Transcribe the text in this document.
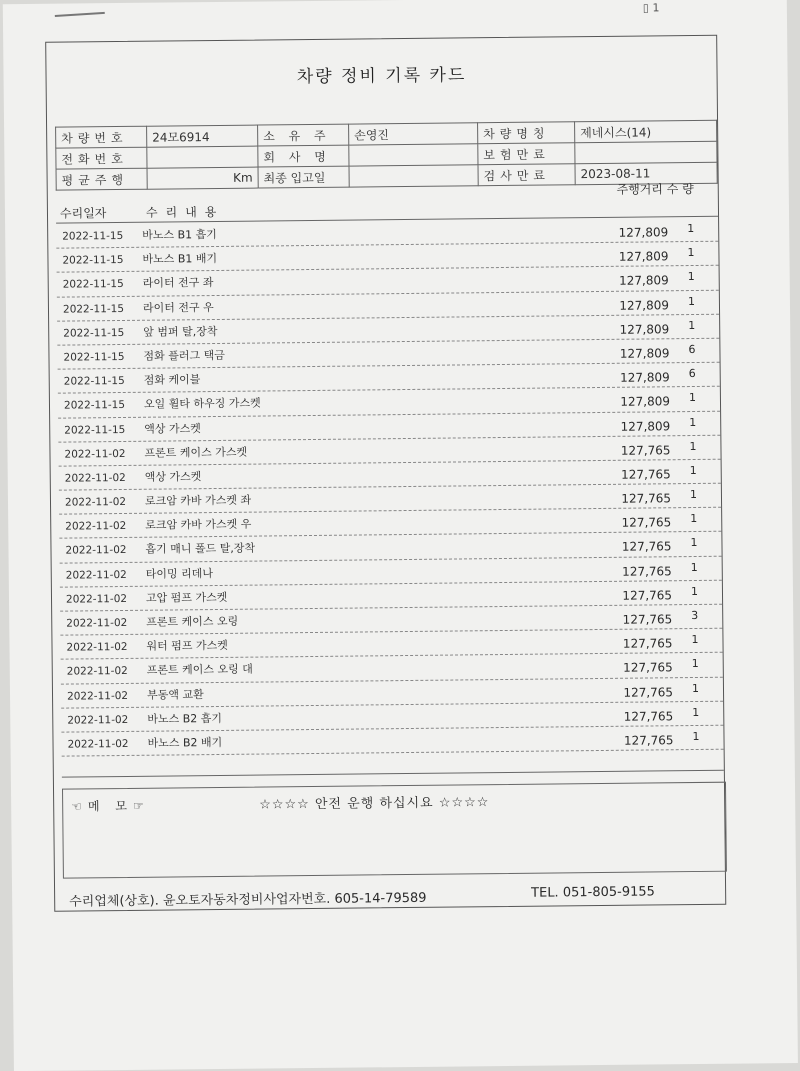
▯ 1
차량 정비 기록 카드
차량번호	24모6914	소 유 주	손영진	차량명칭	제네시스(14)
전화번호		회 사 명		보험만료	
평균주행	Km	최종 입고일		검사만료	2023-08-11
수리일자	수리내용
주행거리 수 량
2022-11-15 바노스 B1 흡기	127,809	1
2022-11-15 바노스 B1 배기	127,809	1
2022-11-15 라이터 전구 좌	127,809	1
2022-11-15 라이터 전구 우	127,809	1
2022-11-15 앞 범퍼 탈,장착	127,809	1
2022-11-15 점화 플러그 택금	127,809	6
2022-11-15 점화 케이블	127,809	6
2022-11-15 오일 휠타 하우징 가스켓	127,809	1
2022-11-15 액상 가스켓	127,809	1
2022-11-02 프론트 케이스 가스켓	127,765	1
2022-11-02 액상 가스켓	127,765	1
2022-11-02 로크암 카바 가스켓 좌	127,765	1
2022-11-02 로크암 카바 가스켓 우	127,765	1
2022-11-02 흡기 매니 폴드 탈,장착	127,765	1
2022-11-02 타이밍 리데나	127,765	1
2022-11-02 고압 펌프 가스켓	127,765	1
2022-11-02 프론트 케이스 오링	127,765	3
2022-11-02 워터 펌프 가스켓	127,765	1
2022-11-02 프론트 케이스 오링 대	127,765	1
2022-11-02 부동액 교환	127,765	1
2022-11-02 바노스 B2 흡기	127,765	1
2022-11-02 바노스 B2 배기	127,765	1
☜메 모☞	☆☆☆☆ 안전 운행 하십시요 ☆☆☆☆
수리업체(상호). 윤오토자동차정비사업자번호. 605-14-79589	TEL. 051-805-9155
